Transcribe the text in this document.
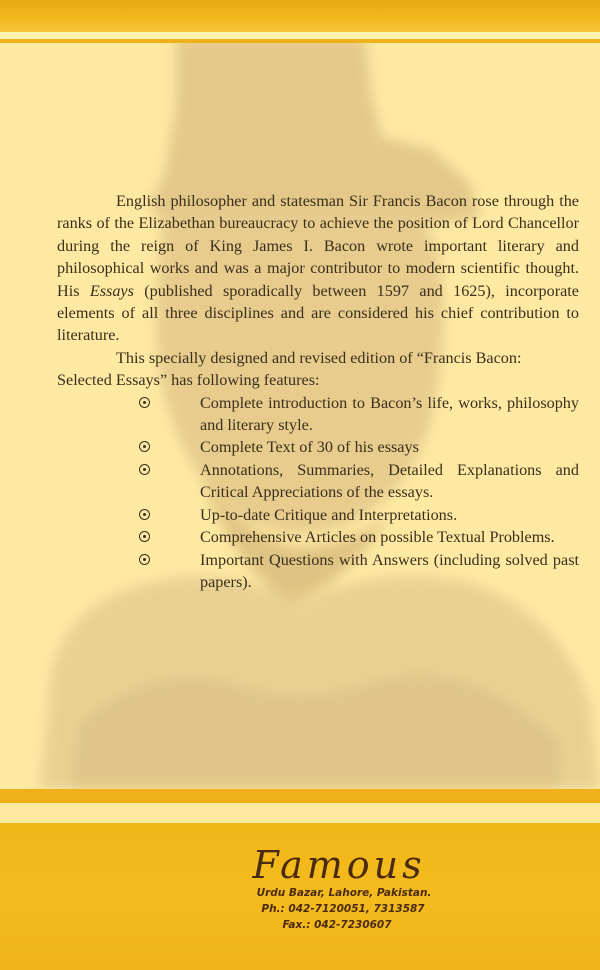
English philosopher and statesman Sir Francis Bacon rose through the ranks of the Elizabethan bureaucracy to achieve the position of Lord Chancellor during the reign of King James I. Bacon wrote important literary and philosophical works and was a major contributor to modern scientific thought. His Essays (published sporadically between 1597 and 1625), incorporate elements of all three disciplines and are considered his chief contribution to literature.

This specially designed and revised edition of “Francis Bacon: Selected Essays” has following features:

Complete introduction to Bacon’s life, works, philosophy and literary style.
Complete Text of 30 of his essays
Annotations, Summaries, Detailed Explanations and Critical Appreciations of the essays.
Up-to-date Critique and Interpretations.
Comprehensive Articles on possible Textual Problems.
Important Questions with Answers (including solved past papers).
Famous
Urdu Bazar, Lahore, Pakistan.
Ph.: 042-7120051, 7313587
Fax.: 042-7230607
